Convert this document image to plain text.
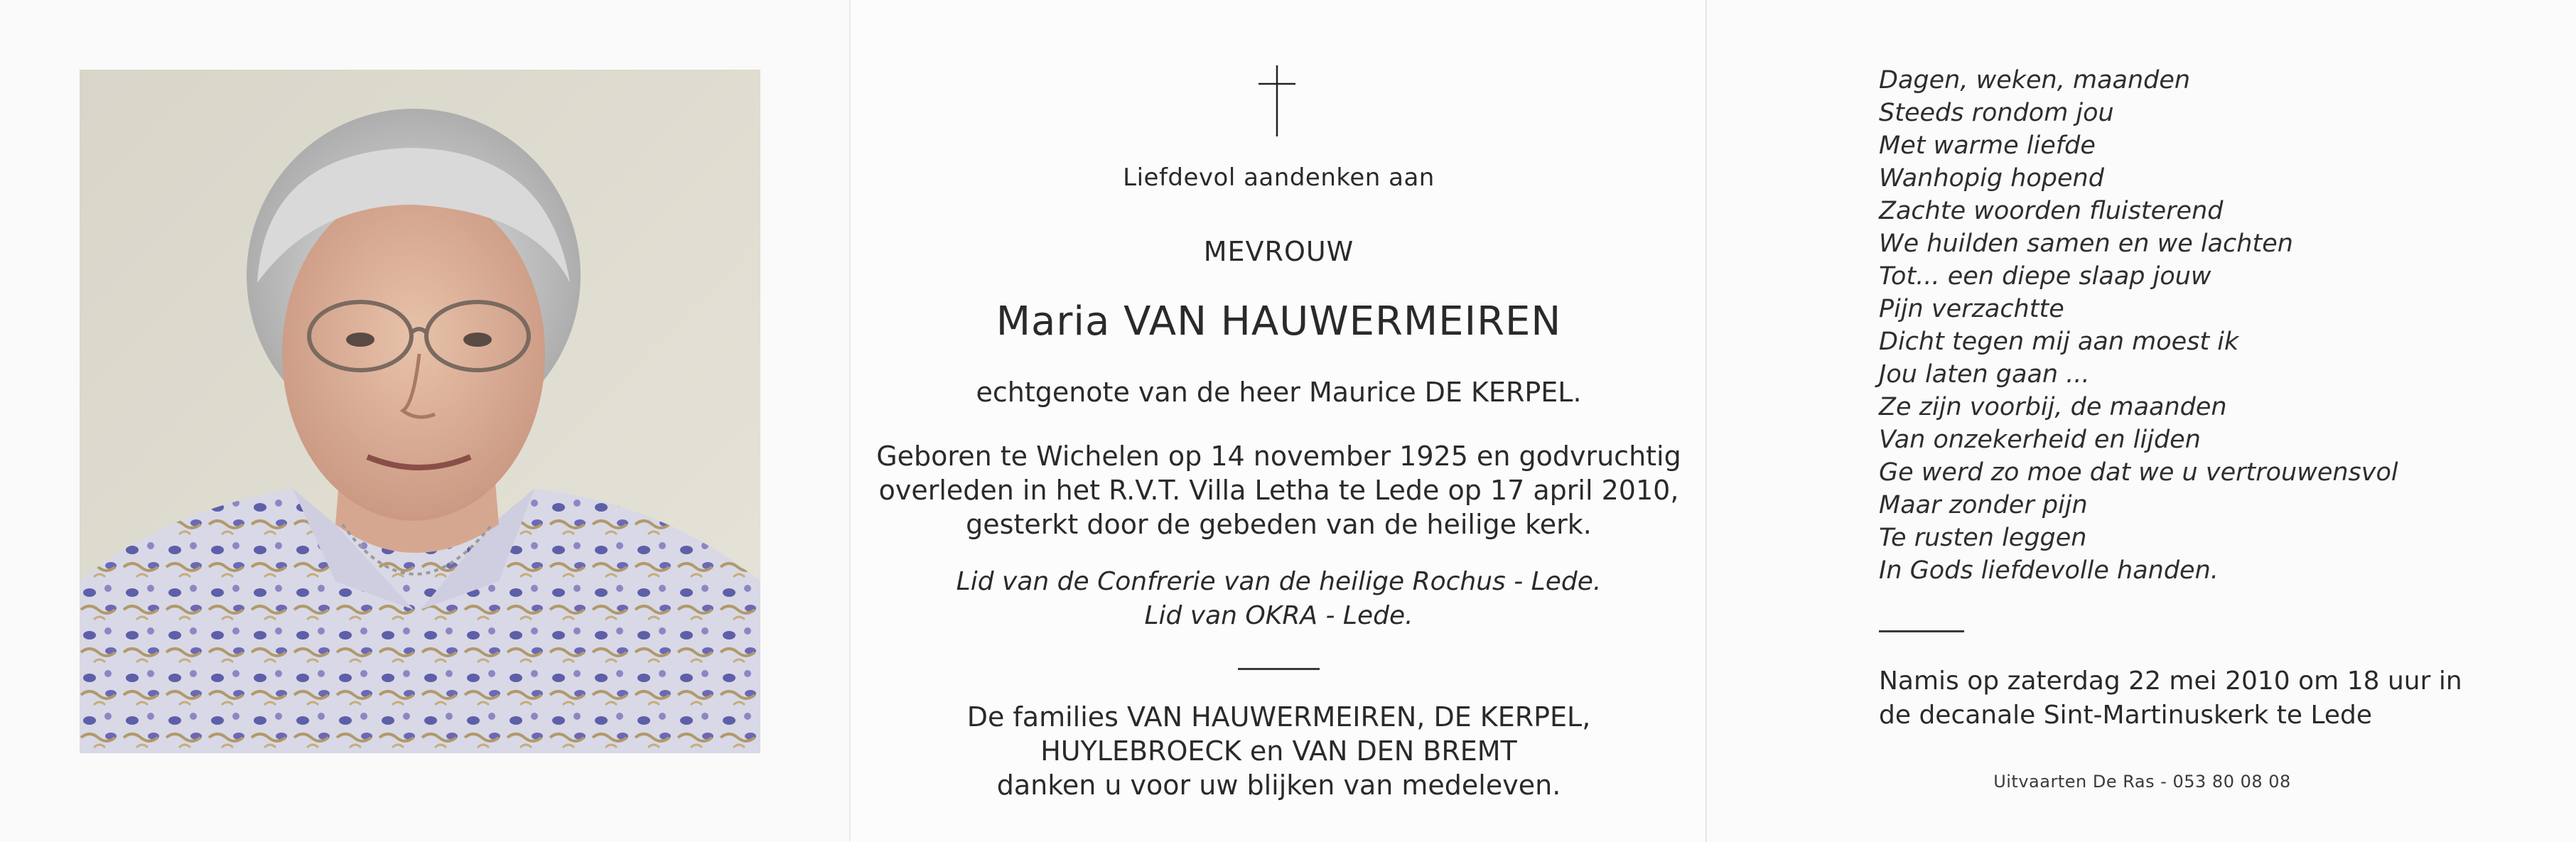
Liefdevol aandenken aan
MEVROUW
Maria VAN HAUWERMEIREN
echtgenote van de heer Maurice DE KERPEL.
Geboren te Wichelen op 14 november 1925 en godvruchtig
overleden in het R.V.T. Villa Letha te Lede op 17 april 2010,
gesterkt door de gebeden van de heilige kerk.
Lid van de Confrerie van de heilige Rochus - Lede.
Lid van OKRA - Lede.
De families VAN HAUWERMEIREN, DE KERPEL,
HUYLEBROECK en VAN DEN BREMT
danken u voor uw blijken van medeleven.
Dagen, weken, maanden
Steeds rondom jou
Met warme liefde
Wanhopig hopend
Zachte woorden fluisterend
We huilden samen en we lachten
Tot... een diepe slaap jouw
Pijn verzachtte
Dicht tegen mij aan moest ik
Jou laten gaan ...
Ze zijn voorbij, de maanden
Van onzekerheid en lijden
Ge werd zo moe dat we u vertrouwensvol
Maar zonder pijn
Te rusten leggen
In Gods liefdevolle handen.
Namis op zaterdag 22 mei 2010 om 18 uur in
de decanale Sint-Martinuskerk te Lede
Uitvaarten De Ras - 053 80 08 08
